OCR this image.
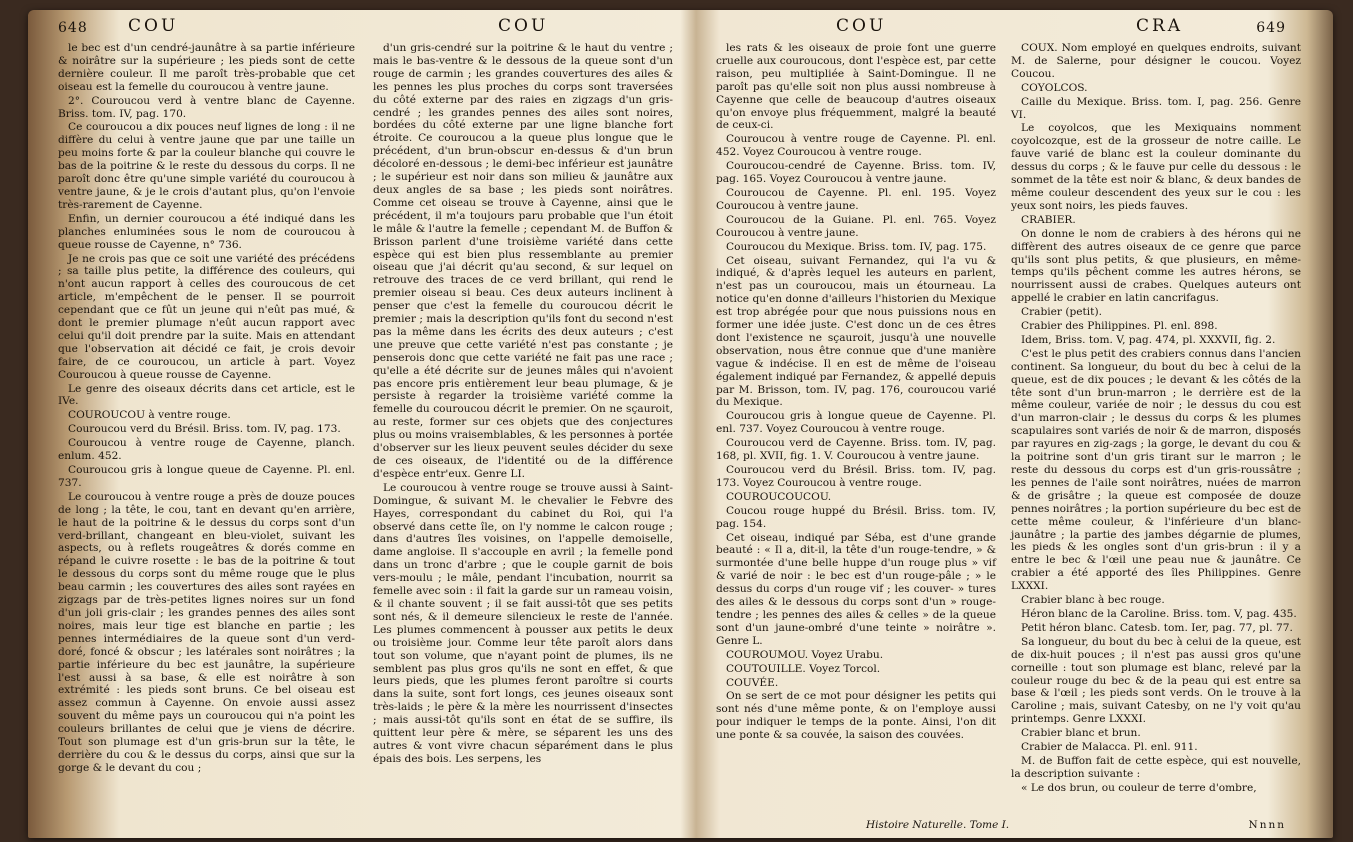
648 COU	COU

le bec est d'un cendré-jaunâtre à sa partie inférieure & noirâtre sur la supérieure ; les pieds sont de cette dernière couleur. Il me paroît très-probable que cet oiseau est la femelle du couroucou à ventre jaune.

2°. Couroucou verd à ventre blanc de Cayenne. Briss. tom. IV, pag. 170.

Ce couroucou a dix pouces neuf lignes de long : il ne diffère du celui à ventre jaune que par une taille un peu moins forte & par la couleur blanche qui couvre le bas de la poitrine & le reste du dessous du corps. Il ne paroît donc être qu'une simple variété du couroucou à ventre jaune, & je le crois d'autant plus, qu'on l'envoie très-rarement de Cayenne.

Enfin, un dernier couroucou a été indiqué dans les planches enluminées sous le nom de couroucou à queue rousse de Cayenne, n° 736.

Je ne crois pas que ce soit une variété des précédens ; sa taille plus petite, la différence des couleurs, qui n'ont aucun rapport à celles des couroucous de cet article, m'empêchent de le penser. Il se pourroit cependant que ce fût un jeune qui n'eût pas mué, & dont le premier plumage n'eût aucun rapport avec celui qu'il doit prendre par la suite. Mais en attendant que l'observation ait décidé ce fait, je crois devoir faire, de ce couroucou, un article à part. Voyez Couroucou à queue rousse de Cayenne.

Le genre des oiseaux décrits dans cet article, est le IVe.

COUROUCOU à ventre rouge.

Couroucou verd du Brésil. Briss. tom. IV, pag. 173.

Couroucou à ventre rouge de Cayenne, planch. enlum. 452.

Couroucou gris à longue queue de Cayenne. Pl. enl. 737.

Le couroucou à ventre rouge a près de douze pouces de long ; la tête, le cou, tant en devant qu'en arrière, le haut de la poitrine & le dessus du corps sont d'un verd-brillant, changeant en bleu-violet, suivant les aspects, ou à reflets rougeâtres & dorés comme en répand le cuivre rosette : le bas de la poitrine & tout le dessous du corps sont du même rouge que le plus beau carmin ; les couvertures des ailes sont rayées en zigzags par de très-petites lignes noires sur un fond d'un joli gris-clair ; les grandes pennes des ailes sont noires, mais leur tige est blanche en partie ; les pennes intermédiaires de la queue sont d'un verd-doré, foncé & obscur ; les latérales sont noirâtres ; la partie inférieure du bec est jaunâtre, la supérieure l'est aussi à sa base, & elle est noirâtre à son extrémité : les pieds sont bruns. Ce bel oiseau est assez commun à Cayenne. On envoie aussi assez souvent du même pays un couroucou qui n'a point les couleurs brillantes de celui que je viens de décrire. Tout son plumage est d'un gris-brun sur la tête, le derrière du cou & le dessus du corps, ainsi que sur la gorge & le devant du cou ;

d'un gris-cendré sur la poitrine & le haut du ventre ; mais le bas-ventre & le dessous de la queue sont d'un rouge de carmin ; les grandes couvertures des ailes & les pennes les plus proches du corps sont traversées du côté externe par des raies en zigzags d'un gris-cendré ; les grandes pennes des ailes sont noires, bordées du côté externe par une ligne blanche fort étroite. Ce couroucou a la queue plus longue que le précédent, d'un brun-obscur en-dessus & d'un brun décoloré en-dessous ; le demi-bec inférieur est jaunâtre ; le supérieur est noir dans son milieu & jaunâtre aux deux angles de sa base ; les pieds sont noirâtres. Comme cet oiseau se trouve à Cayenne, ainsi que le précédent, il m'a toujours paru probable que l'un étoit le mâle & l'autre la femelle ; cependant M. de Buffon & Brisson parlent d'une troisième variété dans cette espèce qui est bien plus ressemblante au premier oiseau que j'ai décrit qu'au second, & sur lequel on retrouve des traces de ce verd brillant, qui rend le premier oiseau si beau. Ces deux auteurs inclinent à penser que c'est la femelle du couroucou décrit le premier ; mais la description qu'ils font du second n'est pas la même dans les écrits des deux auteurs ; c'est une preuve que cette variété n'est pas constante ; je penserois donc que cette variété ne fait pas une race ; qu'elle a été décrite sur de jeunes mâles qui n'avoient pas encore pris entièrement leur beau plumage, & je persiste à regarder la troisième variété comme la femelle du couroucou décrit le premier. On ne sçauroit, au reste, former sur ces objets que des conjectures plus ou moins vraisemblables, & les personnes à portée d'observer sur les lieux peuvent seules décider du sexe de ces oiseaux, de l'identité ou de la différence d'espèce entr'eux. Genre LI.

Le couroucou à ventre rouge se trouve aussi à Saint-Domingue, & suivant M. le chevalier le Febvre des Hayes, correspondant du cabinet du Roi, qui l'a observé dans cette île, on l'y nomme le calcon rouge ; dans d'autres îles voisines, on l'appelle demoiselle, dame angloise. Il s'accouple en avril ; la femelle pond dans un tronc d'arbre ; que le couple garnit de bois vers-moulu ; le mâle, pendant l'incubation, nourrit sa femelle avec soin : il fait la garde sur un rameau voisin, & il chante souvent ; il se fait aussi-tôt que ses petits sont nés, & il demeure silencieux le reste de l'année. Les plumes commencent à pousser aux petits le deux ou troisième jour. Comme leur tête paroît alors dans tout son volume, que n'ayant point de plumes, ils ne semblent pas plus gros qu'ils ne sont en effet, & que leurs pieds, que les plumes feront paroître si courts dans la suite, sont fort longs, ces jeunes oiseaux sont très-laids ; le père & la mère les nourrissent d'insectes ; mais aussi-tôt qu'ils sont en état de se suffire, ils quittent leur père & mère, se séparent les uns des autres & vont vivre chacun séparément dans le plus épais des bois. Les serpens, les

COU	CRA	649

les rats & les oiseaux de proie font une guerre cruelle aux couroucous, dont l'espèce est, par cette raison, peu multipliée à Saint-Domingue. Il ne paroît pas qu'elle soit non plus aussi nombreuse à Cayenne que celle de beaucoup d'autres oiseaux qu'on envoye plus fréquemment, malgré la beauté de ceux-ci.

Couroucou à ventre rouge de Cayenne. Pl. enl. 452. Voyez Couroucou à ventre rouge.

Couroucou-cendré de Cayenne. Briss. tom. IV, pag. 165. Voyez Couroucou à ventre jaune.

Couroucou de Cayenne. Pl. enl. 195. Voyez Couroucou à ventre jaune.

Couroucou de la Guiane. Pl. enl. 765. Voyez Couroucou à ventre jaune.

Couroucou du Mexique. Briss. tom. IV, pag. 175.

Cet oiseau, suivant Fernandez, qui l'a vu & indiqué, & d'après lequel les auteurs en parlent, n'est pas un couroucou, mais un étourneau. La notice qu'en donne d'ailleurs l'historien du Mexique est trop abrégée pour que nous puissions nous en former une idée juste. C'est donc un de ces êtres dont l'existence ne sçauroit, jusqu'à une nouvelle observation, nous être connue que d'une manière vague & indécise. Il en est de même de l'oiseau également indiqué par Fernandez, & appellé depuis par M. Brisson, tom. IV, pag. 176, couroucou varié du Mexique.

Couroucou gris à longue queue de Cayenne. Pl. enl. 737. Voyez Couroucou à ventre rouge.

Couroucou verd de Cayenne. Briss. tom. IV, pag. 168, pl. XVII, fig. 1. V. Couroucou à ventre jaune.

Couroucou verd du Brésil. Briss. tom. IV, pag. 173. Voyez Couroucou à ventre rouge.

COUROUCOUCOU.

Coucou rouge huppé du Brésil. Briss. tom. IV, pag. 154.

Cet oiseau, indiqué par Séba, est d'une grande beauté : « Il a, dit-il, la tête d'un rouge-tendre, » & surmontée d'une belle huppe d'un rouge plus » vif & varié de noir : le bec est d'un rouge-pâle ; » le dessus du corps d'un rouge vif ; les couver- » tures des ailes & le dessous du corps sont d'un » rouge-tendre ; les pennes des ailes & celles » de la queue sont d'un jaune-ombré d'une teinte » noirâtre ». Genre L.

COUROUMOU. Voyez Urabu.

COUTOUILLE. Voyez Torcol.

COUVÉE.

On se sert de ce mot pour désigner les petits qui sont nés d'une même ponte, & on l'employe aussi pour indiquer le temps de la ponte. Ainsi, l'on dit une ponte & sa couvée, la saison des couvées.

COUX. Nom employé en quelques endroits, suivant M. de Salerne, pour désigner le coucou. Voyez Coucou.

COYOLCOS.

Caille du Mexique. Briss. tom. I, pag. 256. Genre VI.

Le coyolcos, que les Mexiquains nomment coyolcozque, est de la grosseur de notre caille. Le fauve varié de blanc est la couleur dominante du dessus du corps ; & le fauve pur celle du dessous : le sommet de la tête est noir & blanc, & deux bandes de même couleur descendent des yeux sur le cou : les yeux sont noirs, les pieds fauves.

CRABIER.

On donne le nom de crabiers à des hérons qui ne diffèrent des autres oiseaux de ce genre que parce qu'ils sont plus petits, & que plusieurs, en même-temps qu'ils pêchent comme les autres hérons, se nourrissent aussi de crabes. Quelques auteurs ont appellé le crabier en latin cancrifagus.

Crabier (petit).

Crabier des Philippines. Pl. enl. 898.

Idem, Briss. tom. V, pag. 474, pl. XXXVII, fig. 2.

C'est le plus petit des crabiers connus dans l'ancien continent. Sa longueur, du bout du bec à celui de la queue, est de dix pouces ; le devant & les côtés de la tête sont d'un brun-marron ; le derrière est de la même couleur, variée de noir ; le dessus du cou est d'un marron-clair ; le dessus du corps & les plumes scapulaires sont variés de noir & de marron, disposés par rayures en zig-zags ; la gorge, le devant du cou & la poitrine sont d'un gris tirant sur le marron ; le reste du dessous du corps est d'un gris-roussâtre ; les pennes de l'aile sont noirâtres, nuées de marron & de grisâtre ; la queue est composée de douze pennes noirâtres ; la portion supérieure du bec est de cette même couleur, & l'inférieure d'un blanc-jaunâtre ; la partie des jambes dégarnie de plumes, les pieds & les ongles sont d'un gris-brun : il y a entre le bec & l'œil une peau nue & jaunâtre. Ce crabier a été apporté des îles Philippines. Genre LXXXI.

Crabier blanc à bec rouge.

Héron blanc de la Caroline. Briss. tom. V, pag. 435.

Petit héron blanc. Catesb. tom. Ier, pag. 77, pl. 77.

Sa longueur, du bout du bec à celui de la queue, est de dix-huit pouces ; il n'est pas aussi gros qu'une corneille : tout son plumage est blanc, relevé par la couleur rouge du bec & de la peau qui est entre sa base & l'œil ; les pieds sont verds. On le trouve à la Caroline ; mais, suivant Catesby, on ne l'y voit qu'au printemps. Genre LXXXI.

Crabier blanc et brun.

Crabier de Malacca. Pl. enl. 911.

M. de Buffon fait de cette espèce, qui est nouvelle, la description suivante :

« Le dos brun, ou couleur de terre d'ombre,

Histoire Naturelle. Tome I.	Nnnn
